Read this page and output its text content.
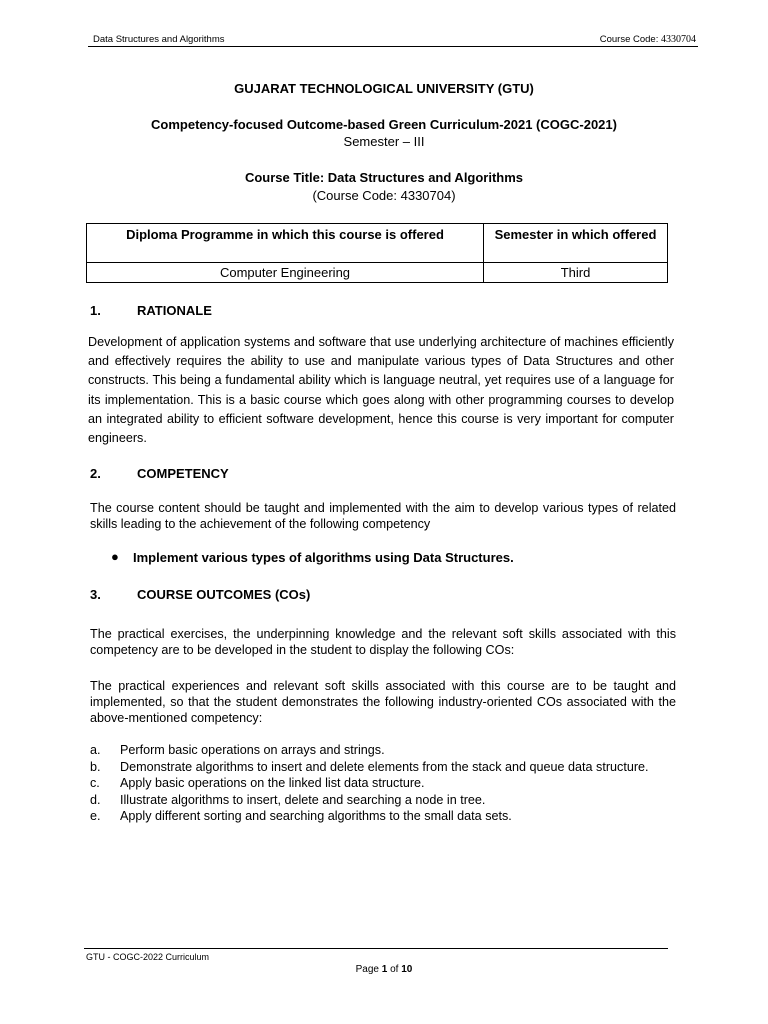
Data Structures and Algorithms	Course Code: 4330704
GUJARAT TECHNOLOGICAL UNIVERSITY (GTU)
Competency-focused Outcome-based Green Curriculum-2021 (COGC-2021)
Semester – III
Course Title: Data Structures and Algorithms
(Course Code: 4330704)
Diploma Programme in which this course is offered	Semester in which offered
Computer Engineering	Third
1.	RATIONALE
Development of application systems and software that use underlying architecture of machines efficiently and effectively requires the ability to use and manipulate various types of Data Structures and other constructs. This being a fundamental ability which is language neutral, yet requires use of a language for its implementation. This is a basic course which goes along with other programming courses to develop an integrated ability to efficient software development, hence this course is very important for computer engineers.
2.	COMPETENCY
The course content should be taught and implemented with the aim to develop various types of related skills leading to the achievement of the following competency
● Implement various types of algorithms using Data Structures.
3.	COURSE OUTCOMES (COs)
The practical exercises, the underpinning knowledge and the relevant soft skills associated with this competency are to be developed in the student to display the following COs:
The practical experiences and relevant soft skills associated with this course are to be taught and implemented, so that the student demonstrates the following industry-oriented COs associated with the above-mentioned competency:
a. Perform basic operations on arrays and strings.
b. Demonstrate algorithms to insert and delete elements from the stack and queue data structure.
c. Apply basic operations on the linked list data structure.
d. Illustrate algorithms to insert, delete and searching a node in tree.
e. Apply different sorting and searching algorithms to the small data sets.
GTU - COGC-2022 Curriculum
Page 1 of 10
